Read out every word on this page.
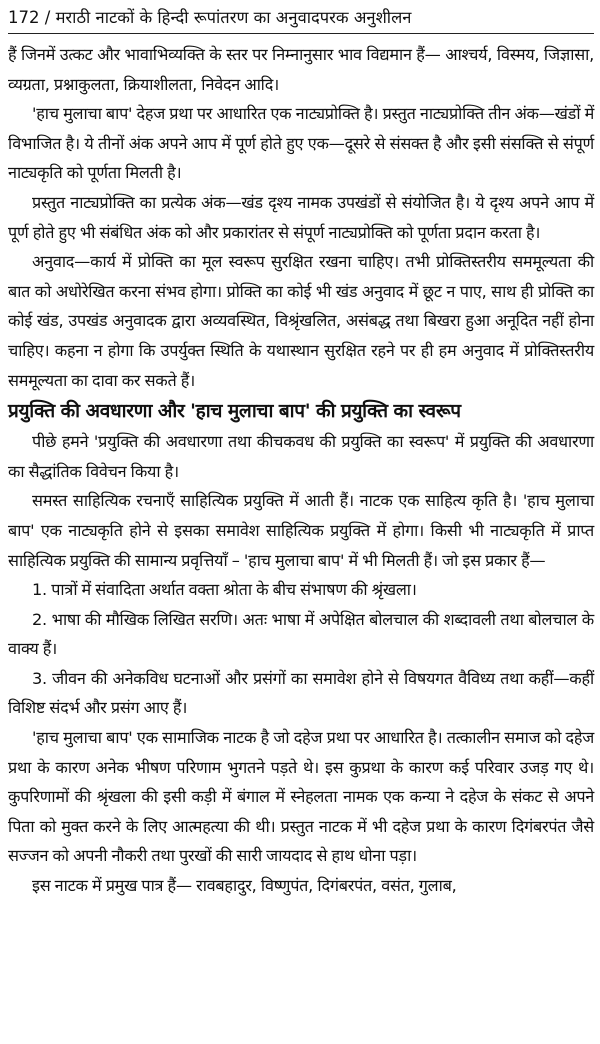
172 / मराठी नाटकों के हिन्दी रूपांतरण का अनुवादपरक अनुशीलन

हैं जिनमें उत्कट और भावाभिव्यक्ति के स्तर पर निम्नानुसार भाव विद्यमान हैं— आश्चर्य, विस्मय, जिज्ञासा, व्यग्रता, प्रश्नाकुलता, क्रियाशीलता, निवेदन आदि।

'हाच मुलाचा बाप' देहज प्रथा पर आधारित एक नाट्यप्रोक्ति है। प्रस्तुत नाट्यप्रोक्ति तीन अंक—खंडों में विभाजित है। ये तीनों अंक अपने आप में पूर्ण होते हुए एक—दूसरे से संसक्त है और इसी संसक्ति से संपूर्ण नाट्यकृति को पूर्णता मिलती है।

प्रस्तुत नाट्यप्रोक्ति का प्रत्येक अंक—खंड दृश्य नामक उपखंडों से संयोजित है। ये दृश्य अपने आप में पूर्ण होते हुए भी संबंधित अंक को और प्रकारांतर से संपूर्ण नाट्यप्रोक्ति को पूर्णता प्रदान करता है।

अनुवाद—कार्य में प्रोक्ति का मूल स्वरूप सुरक्षित रखना चाहिए। तभी प्रोक्तिस्तरीय सममूल्यता की बात को अधोरेखित करना संभव होगा। प्रोक्ति का कोई भी खंड अनुवाद में छूट न पाए, साथ ही प्रोक्ति का कोई खंड, उपखंड अनुवादक द्वारा अव्यवस्थित, विश्रृंखलित, असंबद्ध तथा बिखरा हुआ अनूदित नहीं होना चाहिए। कहना न होगा कि उपर्युक्त स्थिति के यथास्थान सुरक्षित रहने पर ही हम अनुवाद में प्रोक्तिस्तरीय सममूल्यता का दावा कर सकते हैं।

प्रयुक्ति की अवधारणा और 'हाच मुलाचा बाप' की प्रयुक्ति का स्वरूप

पीछे हमने 'प्रयुक्ति की अवधारणा तथा कीचकवध की प्रयुक्ति का स्वरूप' में प्रयुक्ति की अवधारणा का सैद्धांतिक विवेचन किया है।

समस्त साहित्यिक रचनाएँ साहित्यिक प्रयुक्ति में आती हैं। नाटक एक साहित्य कृति है। 'हाच मुलाचा बाप' एक नाट्यकृति होने से इसका समावेश साहित्यिक प्रयुक्ति में होगा। किसी भी नाट्यकृति में प्राप्त साहित्यिक प्रयुक्ति की सामान्य प्रवृत्तियाँ – 'हाच मुलाचा बाप' में भी मिलती हैं। जो इस प्रकार हैं—

1. पात्रों में संवादिता अर्थात वक्ता श्रोता के बीच संभाषण की श्रृंखला।

2. भाषा की मौखिक लिखित सरणि। अतः भाषा में अपेक्षित बोलचाल की शब्दावली तथा बोलचाल के वाक्य हैं।

3. जीवन की अनेकविध घटनाओं और प्रसंगों का समावेश होने से विषयगत वैविध्य तथा कहीं—कहीं विशिष्ट संदर्भ और प्रसंग आए हैं।

'हाच मुलाचा बाप' एक सामाजिक नाटक है जो दहेज प्रथा पर आधारित है। तत्कालीन समाज को दहेज प्रथा के कारण अनेक भीषण परिणाम भुगतने पड़ते थे। इस कुप्रथा के कारण कई परिवार उजड़ गए थे। कुपरिणामों की श्रृंखला की इसी कड़ी में बंगाल में स्नेहलता नामक एक कन्या ने दहेज के संकट से अपने पिता को मुक्त करने के लिए आत्महत्या की थी। प्रस्तुत नाटक में भी दहेज प्रथा के कारण दिगंबरपंत जैसे सज्जन को अपनी नौकरी तथा पुरखों की सारी जायदाद से हाथ धोना पड़ा।

इस नाटक में प्रमुख पात्र हैं— रावबहादुर, विष्णुपंत, दिगंबरपंत, वसंत, गुलाब,
